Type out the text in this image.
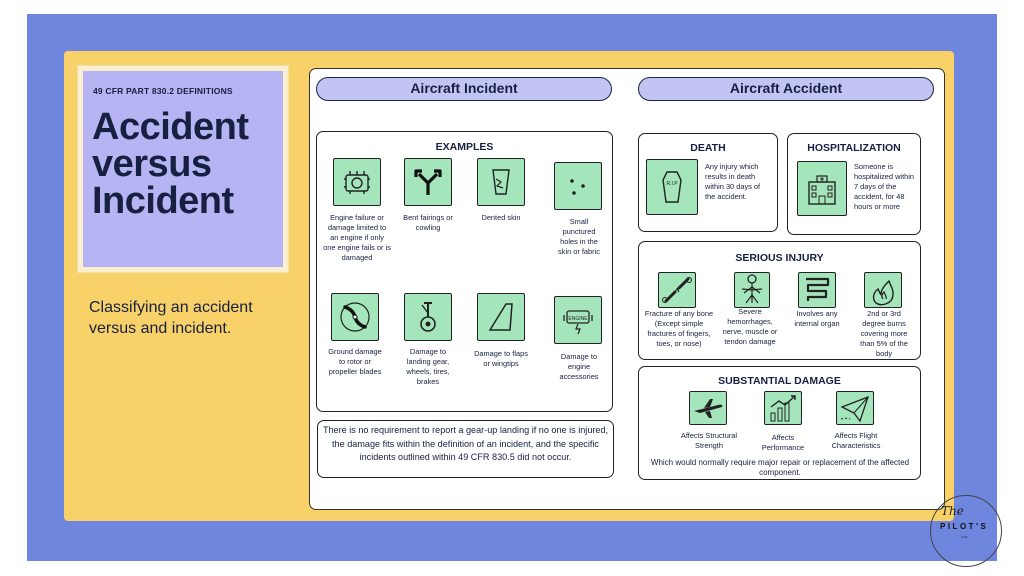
49 CFR PART 830.2 DEFINITIONS
Accident versus Incident
Classifying an accident versus and incident.
Aircraft Incident
EXAMPLES
Engine failure or damage limited to an engine if only one engine fails or is damaged
Bent fairings or cowling
Dented skin	Small punctured holes in the skin or fabric
ENGINE
Ground damage to rotor or propeller blades
Damage to landing gear, wheels, tires, brakes
Damage to flaps or wingtips
Damage to engine accessories
There is no requirement to report a gear-up landing if no one is injured, the damage fits within the definition of an incident, and the specific incidents outlined within 49 CFR 830.5 did not occur.
Aircraft Accident
DEATH
R.I.P
Any injury which results in death within 30 days of the accident.
HOSPITALIZATION
Someone is hospitalized within 7 days of the accident, for 48 hours or more
SERIOUS INJURY
Fracture of any bone (Except simple fractures of fingers, toes, or nose)
Severe hemorrhages, nerve, muscle or tendon damage
Involves any internal organ
2nd or 3rd degree burns covering more than 5% of the body
SUBSTANTIAL DAMAGE
Affects Structural Strength
Affects Performance
Affects Flight Characteristics
Which would normally require major repair or replacement of the affected component.
The
PILOT'S
HUB
